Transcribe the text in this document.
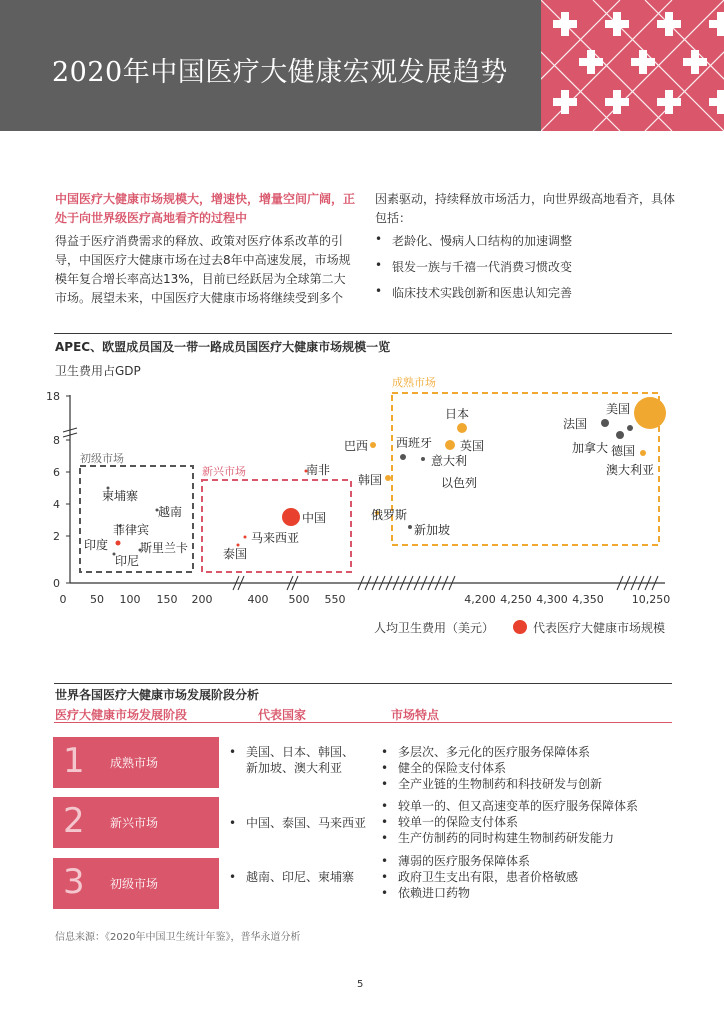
2020年中国医疗大健康宏观发展趋势
中国医疗大健康市场规模大，增速快，增量空间广阔，正处于向世界级医疗高地看齐的过程中
得益于医疗消费需求的释放、政策对医疗体系改革的引导，中国医疗大健康市场在过去8年中高速发展，市场规模年复合增长率高达13%，目前已经跃居为全球第二大市场。展望未来，中国医疗大健康市场将继续受到多个
因素驱动，持续释放市场活力，向世界级高地看齐，具体包括：
• 老龄化、慢病人口结构的加速调整
• 银发一族与千禧一代消费习惯改变
• 临床技术实践创新和医患认知完善
APEC、欧盟成员国及一带一路成员国医疗大健康市场规模一览
卫生费用占GDP
0
2
4
6
8
18
0 50 100 150 200	400 500 550	4,200 4,250 4,300 4,350	10,250
初级市场
新兴市场
成熟市场
美国
日本
英国
法国
德国
加拿大
澳大利亚
西班牙
意大利
以色列
韩国
巴西
俄罗斯
新加坡
南非
中国
马来西亚
泰国
柬埔寨
越南
菲律宾
斯里兰卡
印度
印尼
人均卫生费用（美元）	代表医疗大健康市场规模
世界各国医疗大健康市场发展阶段分析
医疗大健康市场发展阶段	代表国家	市场特点
1 成熟市场
• 美国、日本、韩国、新加坡、澳大利亚
• 多层次、多元化的医疗服务保障体系
• 健全的保险支付体系
• 全产业链的生物制药和科技研发与创新
2 新兴市场	• 中国、泰国、马来西亚
• 较单一的、但又高速变革的医疗服务保障体系
• 较单一的保险支付体系
• 生产仿制药的同时构建生物制药研发能力
3 初级市场	• 越南、印尼、柬埔寨
• 薄弱的医疗服务保障体系
• 政府卫生支出有限，患者价格敏感
• 依赖进口药物
信息来源：《2020年中国卫生统计年鉴》，普华永道分析
5
